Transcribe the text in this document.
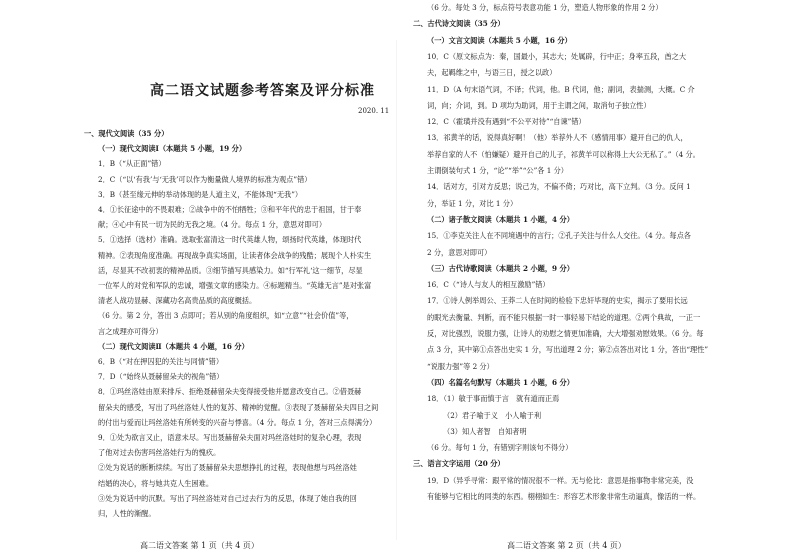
高二语文试题参考答案及评分标准
2020. 11
一、现代文阅读（35 分）
（一）现代文阅读Ⅰ（本题共 5 小题，19 分）
1．B（“从正面”错）
2．C（“以‘有我’与‘无我’可以作为衡量做人境界的标准为观点”错）
3．B（甚至缘元伸的举动体现的是人道主义，不能体现“无我”）
4．①长征途中的不畏艰难；②战争中的不怕牺牲；③和平年代的忠于祖国，甘于奉
献；④心中有民一切为民的无我之境。（4 分。每点 1 分，意思对即可）
5．①选择（选材）准确。选取张富清这一时代英雄人物，颂扬时代英雄，体现时代
精神。②表现角度准确。再现战争真实场面，让读者体会战争的残酷；展现个人朴实生
活，尽显其不改初衷的精神品质。③细节描写具感染力。如“行军礼‘这一细节，尽显
一位军人的对党和军队的忠诚，增强文章的感染力。④标题精当。“英雄无言”是对张富
清老人战功显赫、深藏功名高贵品质的高度概括。
（6 分。第 2 分，答出 3 点即可；若从别的角度组织，如“立意”“社会价值”等，
言之成理亦可得分）
（二）现代文阅读Ⅱ（本题共 4 小题，16 分）
6．B（“对在押囚犯的关注与同情”错）
7．D（“始终从聂赫留朵夫的视角”错）
8．①玛丝洛娃由原来排斥、拒绝聂赫留朵夫变得接受他并愿意改变自己。②借聂赫
留朵夫的感受，写出了玛丝洛娃人性的复苏、精神的觉醒。③表现了聂赫留朵夫四目之间
的付出与爱而让玛丝洛娃有所转变的兴奋与悸喜。（4 分。每点 1 分，答对三点得满分）
9．①处为欲言又止，语意未尽。写出聂赫留朵夫面对玛丝洛娃时的复杂心理，表现
了他对过去伤害玛丝洛娃行为的愧疚。
②处为说话的断断续续。写出了聂赫留朵夫思想挣扎的过程，表现他想与玛丝洛娃
结婚的决心，将与她共克人生困难。
③处为说话中的沉默。写出了玛丝洛娃对自己过去行为的反思，体现了她自我的回
归，人性的渐醒。
高二语文答案 第 1 页（共 4 页）
（6 分。每处 3 分，标点符号表意功能 1 分，塑造人物形象的作用 2 分）
二、古代诗文阅读（35 分）
（一）文言文阅读（本题共 5 小题，16 分）
10．C（原文标点为：秦，国最小，其志大；处属辟，行中正；身率五段，酋之大
夫，起羁维之中，与语三日，授之以政）
11．D（A 句末语气词，不译；代词，他。B 代词，他；副词，表揣测，大概。C 介
词，向；介词，到。D 项均为助词，用于主谓之间，取消句子独立性）
12．C（霍璜并没有遇到“不公平对待”“自谏”错）
13．祁黄羊的话，说得真好啊！（他）举荐外人不（感情用事）避开自己的仇人，
举荐自家的人不（怕嫌疑）避开自己的儿子，祁黄羊可以称得上大公无私了。”（4 分。
主谓倒装句式 1 分，“论”“举”“公”各 1 分）
14．话对方，引对方反思；说己为，不偏不倚；巧对比，高下立判。（3 分。反问 1
分，举证 1 分，对比 1 分）
（二）诸子散文阅读（本题共 1 小题，4 分）
15．①李克关注人在不同境遇中的言行；②孔子关注与什么人交往。（4 分。每点各
2 分，意思对即可）
（三）古代诗歌阅读（本题共 2 小题，9 分）
16．C（“诗人与友人的相互激励”错）
17．①诗人例举周公、王莽二人在时间的检验下忠奸毕现的史实，揭示了要用长远
的眼光去衡量、判断，而不能只根据一时一事轻易下结论的道理。②两个典故，一正一
反，对比强烈，说服力强，让诗人的劝慰之情更加准确，大大增强劝慰效果。（6 分。每
点 3 分，其中第①点答出史实 1 分，写出道理 2 分；第②点答出对比 1 分，答出“理性”
“说服力强”等 2 分）
（四）名篇名句默写（本题共 1 小题，6 分）
18．（1）敏于事而慎于言　就有道而正焉
（2）君子喻于义　小人喻于利
（3）知人者智　自知者明
（6 分。每句 1 分，有错别字则该句不得分）
三、语言文字运用（20 分）
19．D（异乎寻常：跟平常的情况很不一样。无与伦比：意思是指事物非常完美，没
有能够与它相比的同类的东西。栩栩如生：形容艺术形象非常生动逼真，像活的一样。
高二语文答案 第 2 页（共 4 页）
